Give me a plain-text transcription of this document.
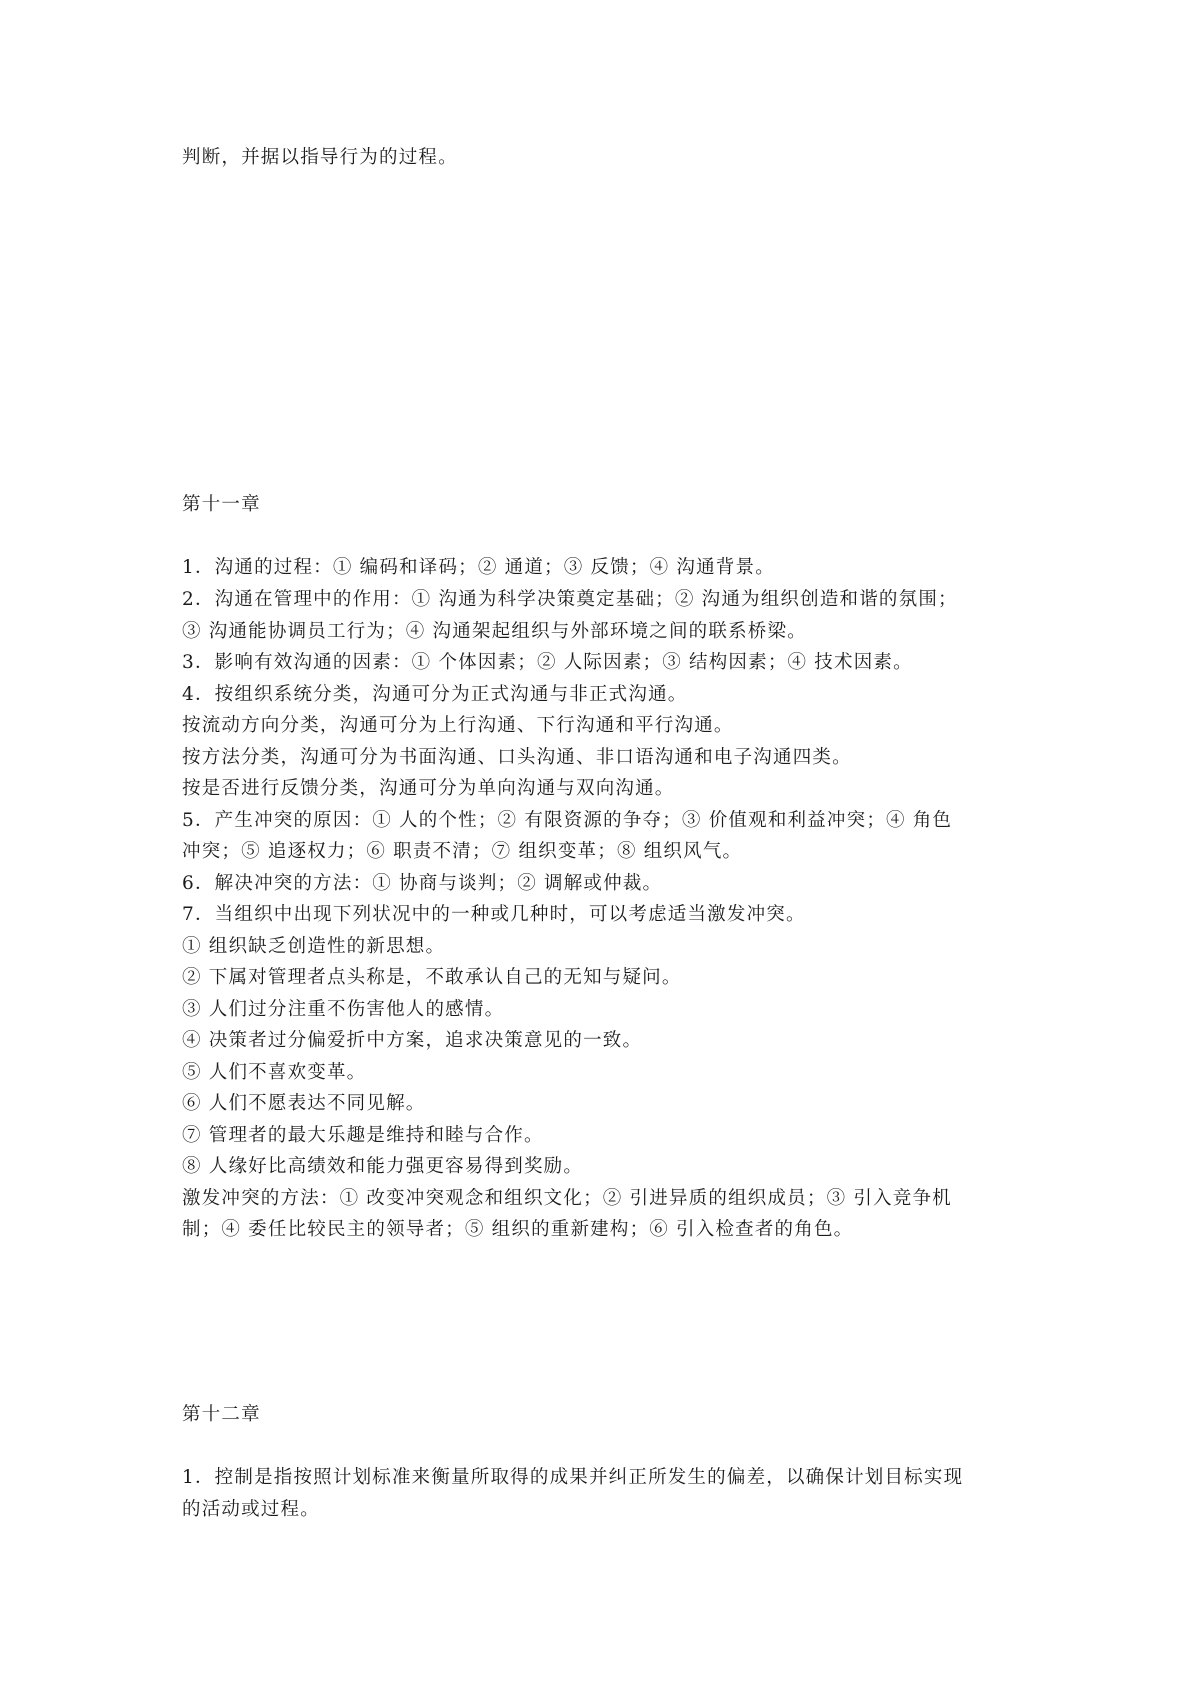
判断，并据以指导行为的过程。
第十一章
1．沟通的过程：① 编码和译码；② 通道；③ 反馈；④ 沟通背景。
2．沟通在管理中的作用：① 沟通为科学决策奠定基础；② 沟通为组织创造和谐的氛围；
③ 沟通能协调员工行为；④ 沟通架起组织与外部环境之间的联系桥梁。
3．影响有效沟通的因素：① 个体因素；② 人际因素；③ 结构因素；④ 技术因素。
4．按组织系统分类，沟通可分为正式沟通与非正式沟通。
按流动方向分类，沟通可分为上行沟通、下行沟通和平行沟通。
按方法分类，沟通可分为书面沟通、口头沟通、非口语沟通和电子沟通四类。
按是否进行反馈分类，沟通可分为单向沟通与双向沟通。
5．产生冲突的原因：① 人的个性；② 有限资源的争夺；③ 价值观和利益冲突；④ 角色
冲突；⑤ 追逐权力；⑥ 职责不清；⑦ 组织变革；⑧ 组织风气。
6．解决冲突的方法：① 协商与谈判；② 调解或仲裁。
7．当组织中出现下列状况中的一种或几种时，可以考虑适当激发冲突。
① 组织缺乏创造性的新思想。
② 下属对管理者点头称是，不敢承认自己的无知与疑问。
③ 人们过分注重不伤害他人的感情。
④ 决策者过分偏爱折中方案，追求决策意见的一致。
⑤ 人们不喜欢变革。
⑥ 人们不愿表达不同见解。
⑦ 管理者的最大乐趣是维持和睦与合作。
⑧ 人缘好比高绩效和能力强更容易得到奖励。
激发冲突的方法：① 改变冲突观念和组织文化；② 引进异质的组织成员；③ 引入竞争机
制；④ 委任比较民主的领导者；⑤ 组织的重新建构；⑥ 引入检查者的角色。
第十二章
1．控制是指按照计划标准来衡量所取得的成果并纠正所发生的偏差，以确保计划目标实现
的活动或过程。
